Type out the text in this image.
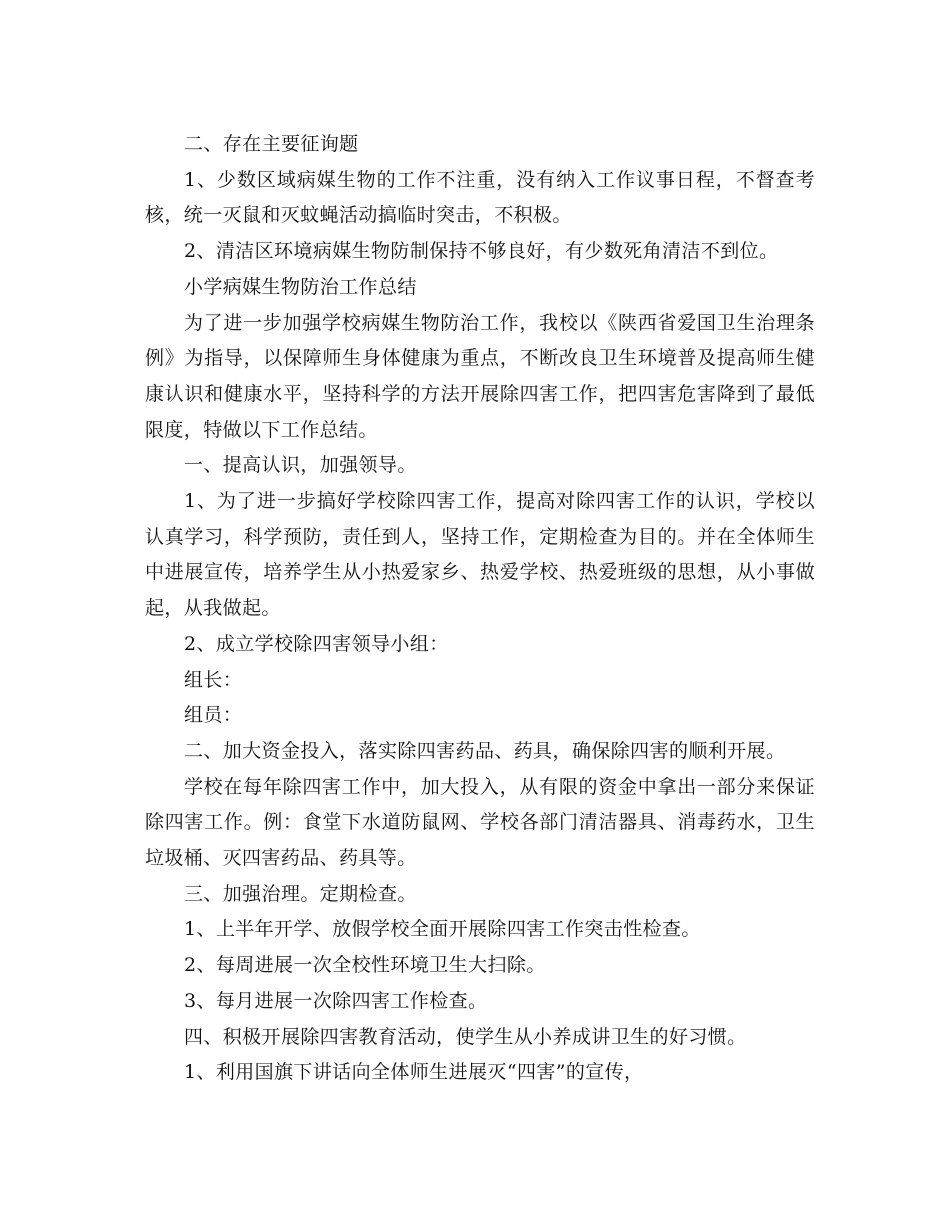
二、存在主要征询题

1、少数区域病媒生物的工作不注重，没有纳入工作议事日程，不督查考核，统一灭鼠和灭蚊蝇活动搞临时突击，不积极。

2、清洁区环境病媒生物防制保持不够良好，有少数死角清洁不到位。

小学病媒生物防治工作总结

为了进一步加强学校病媒生物防治工作，我校以《陕西省爱国卫生治理条例》为指导，以保障师生身体健康为重点，不断改良卫生环境普及提高师生健康认识和健康水平，坚持科学的方法开展除四害工作，把四害危害降到了最低限度，特做以下工作总结。

一、提高认识，加强领导。

1、为了进一步搞好学校除四害工作，提高对除四害工作的认识，学校以认真学习，科学预防，责任到人，坚持工作，定期检查为目的。并在全体师生中进展宣传，培养学生从小热爱家乡、热爱学校、热爱班级的思想，从小事做起，从我做起。

2、成立学校除四害领导小组：

组长：

组员：

二、加大资金投入，落实除四害药品、药具，确保除四害的顺利开展。

学校在每年除四害工作中，加大投入，从有限的资金中拿出一部分来保证除四害工作。例：食堂下水道防鼠网、学校各部门清洁器具、消毒药水，卫生垃圾桶、灭四害药品、药具等。

三、加强治理。定期检查。

1、上半年开学、放假学校全面开展除四害工作突击性检查。

2、每周进展一次全校性环境卫生大扫除。

3、每月进展一次除四害工作检查。

四、积极开展除四害教育活动，使学生从小养成讲卫生的好习惯。

1、利用国旗下讲话向全体师生进展灭“四害”的宣传，
